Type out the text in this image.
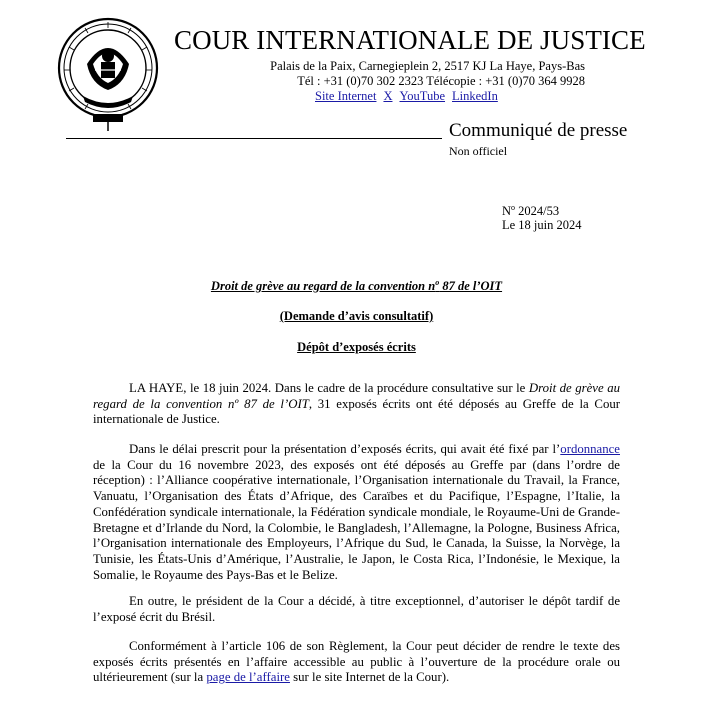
COUR INTERNATIONALE DE JUSTICE
Palais de la Paix, Carnegieplein 2, 2517 KJ La Haye, Pays-Bas
Tél : +31 (0)70 302 2323 Télécopie : +31 (0)70 364 9928
Site Internet X YouTube LinkedIn
Communiqué de presse
Non officiel
$N^o$ 2024/53
Le 18 juin 2024
Droit de grève au regard de la convention $n^o$ 87 de l’OIT
(Demande d’avis consultatif)
Dépôt d’exposés écrits
LA HAYE, le 18 juin 2024. Dans le cadre de la procédure consultative sur le Droit de grève au regard de la convention nº 87 de l’OIT, 31 exposés écrits ont été déposés au Greffe de la Cour internationale de Justice.
Dans le délai prescrit pour la présentation d’exposés écrits, qui avait été fixé par l’ordonnance de la Cour du 16 novembre 2023, des exposés ont été déposés au Greffe par (dans l’ordre de réception) : l’Alliance coopérative internationale, l’Organisation internationale du Travail, la France, Vanuatu, l’Organisation des États d’Afrique, des Caraïbes et du Pacifique, l’Espagne, l’Italie, la Confédération syndicale internationale, la Fédération syndicale mondiale, le Royaume-Uni de Grande-Bretagne et d’Irlande du Nord, la Colombie, le Bangladesh, l’Allemagne, la Pologne, Business Africa, l’Organisation internationale des Employeurs, l’Afrique du Sud, le Canada, la Suisse, la Norvège, la Tunisie, les États-Unis d’Amérique, l’Australie, le Japon, le Costa Rica, l’Indonésie, le Mexique, la Somalie, le Royaume des Pays-Bas et le Belize.
En outre, le président de la Cour a décidé, à titre exceptionnel, d’autoriser le dépôt tardif de l’exposé écrit du Brésil.
Conformément à l’article 106 de son Règlement, la Cour peut décider de rendre le texte des exposés écrits présentés en l’affaire accessible au public à l’ouverture de la procédure orale ou ultérieurement (sur la page de l’affaire sur le site Internet de la Cour).
